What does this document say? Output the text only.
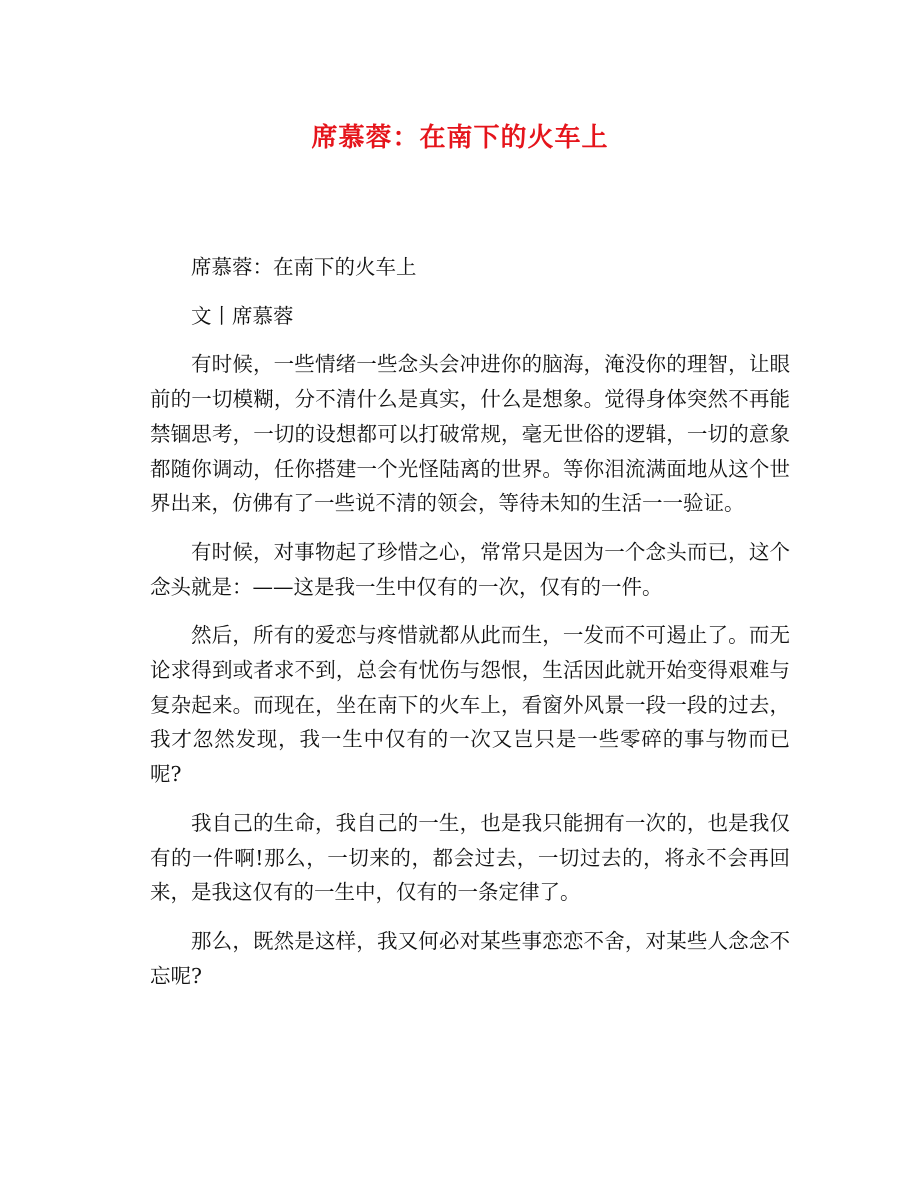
席慕蓉：在南下的火车上

席慕蓉：在南下的火车上

文丨席慕蓉

有时候，一些情绪一些念头会冲进你的脑海，淹没你的理智，让眼前的一切模糊，分不清什么是真实，什么是想象。觉得身体突然不再能禁锢思考，一切的设想都可以打破常规，毫无世俗的逻辑，一切的意象都随你调动，任你搭建一个光怪陆离的世界。等你泪流满面地从这个世界出来，仿佛有了一些说不清的领会，等待未知的生活一一验证。

有时候，对事物起了珍惜之心，常常只是因为一个念头而已，这个念头就是：——这是我一生中仅有的一次，仅有的一件。

然后，所有的爱恋与疼惜就都从此而生，一发而不可遏止了。而无论求得到或者求不到，总会有忧伤与怨恨，生活因此就开始变得艰难与复杂起来。而现在，坐在南下的火车上，看窗外风景一段一段的过去，我才忽然发现，我一生中仅有的一次又岂只是一些零碎的事与物而已呢?

我自己的生命，我自己的一生，也是我只能拥有一次的，也是我仅有的一件啊!那么，一切来的，都会过去，一切过去的，将永不会再回来，是我这仅有的一生中，仅有的一条定律了。

那么，既然是这样，我又何必对某些事恋恋不舍，对某些人念念不忘呢?
